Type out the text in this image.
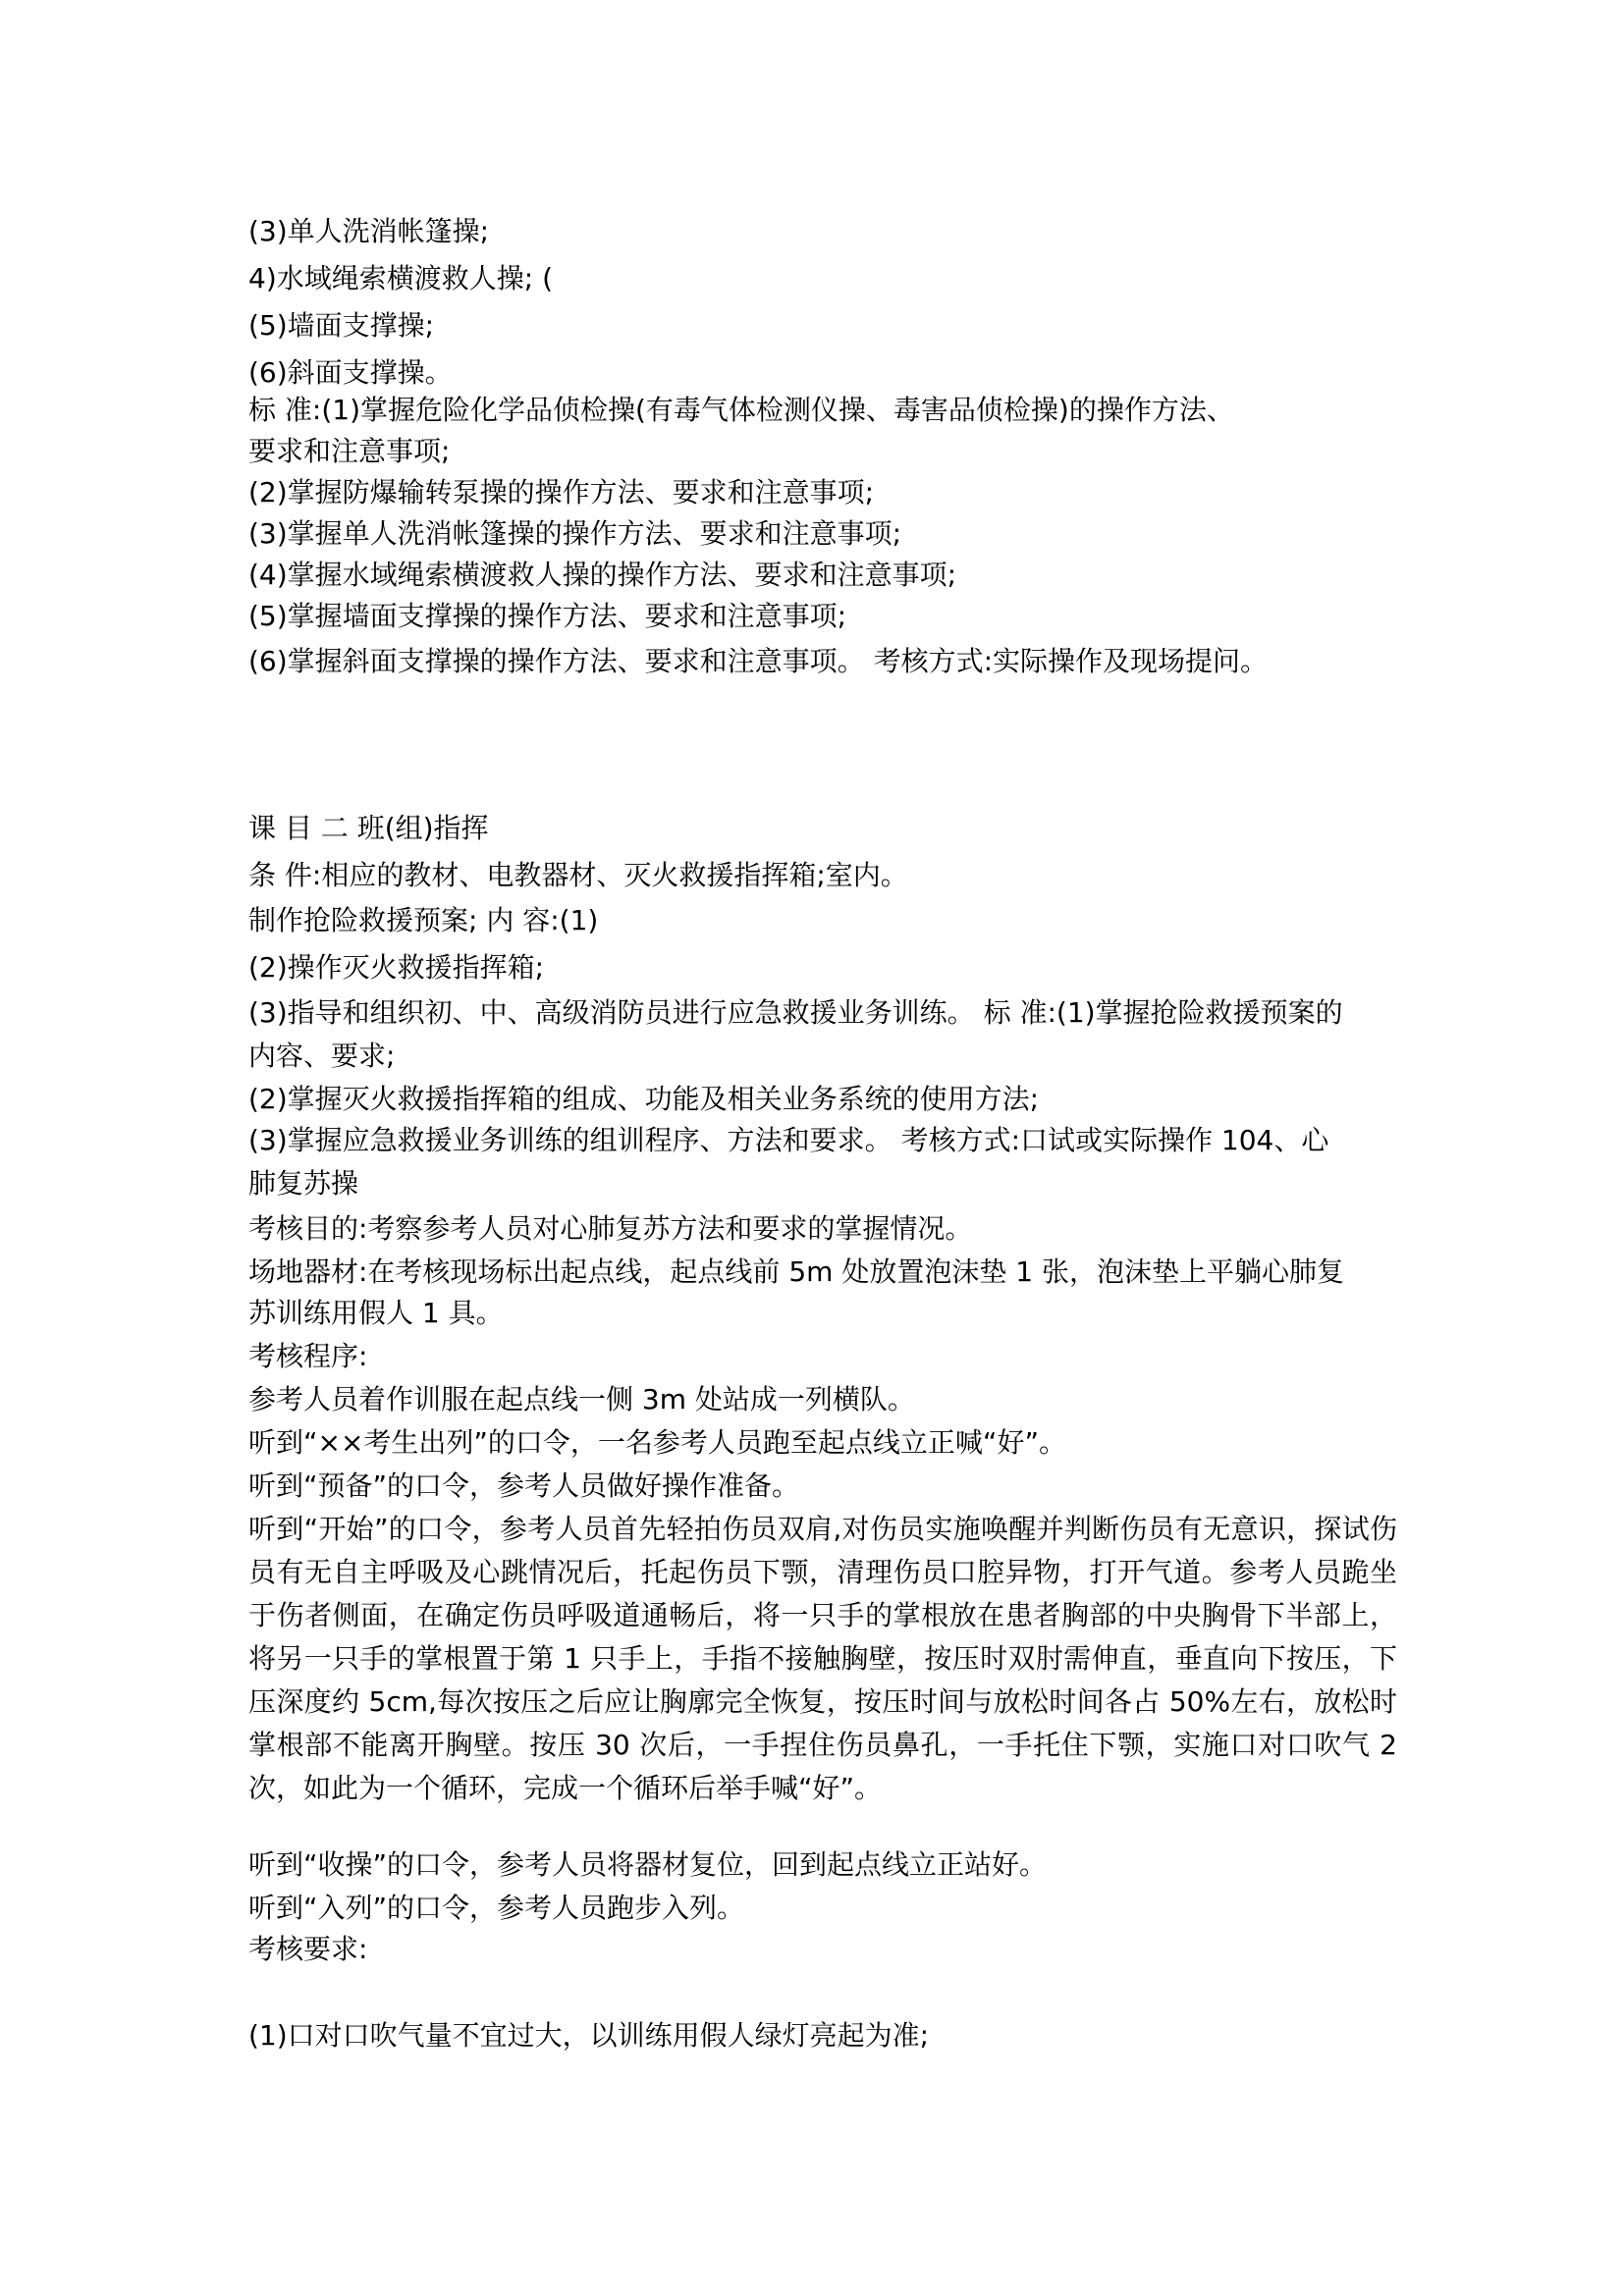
(3)单人洗消帐篷操;
4)水域绳索横渡救人操; (
(5)墙面支撑操;
(6)斜面支撑操。
标 准:(1)掌握危险化学品侦检操(有毒气体检测仪操、毒害品侦检操)的操作方法、
要求和注意事项;
(2)掌握防爆输转泵操的操作方法、要求和注意事项;
(3)掌握单人洗消帐篷操的操作方法、要求和注意事项;
(4)掌握水域绳索横渡救人操的操作方法、要求和注意事项;
(5)掌握墙面支撑操的操作方法、要求和注意事项;
(6)掌握斜面支撑操的操作方法、要求和注意事项。 考核方式:实际操作及现场提问。
课 目 二 班(组)指挥
条 件:相应的教材、电教器材、灭火救援指挥箱;室内。
制作抢险救援预案; 内 容:(1)
(2)操作灭火救援指挥箱;
(3)指导和组织初、中、高级消防员进行应急救援业务训练。 标 准:(1)掌握抢险救援预案的
内容、要求;
(2)掌握灭火救援指挥箱的组成、功能及相关业务系统的使用方法;
(3)掌握应急救援业务训练的组训程序、方法和要求。 考核方式:口试或实际操作 104、心
肺复苏操
考核目的:考察参考人员对心肺复苏方法和要求的掌握情况。
场地器材:在考核现场标出起点线，起点线前 5m 处放置泡沫垫 1 张，泡沫垫上平躺心肺复
苏训练用假人 1 具。
考核程序:
参考人员着作训服在起点线一侧 3m 处站成一列横队。
听到“××考生出列”的口令，一名参考人员跑至起点线立正喊“好”。
听到“预备”的口令，参考人员做好操作准备。
听到“开始”的口令，参考人员首先轻拍伤员双肩,对伤员实施唤醒并判断伤员有无意识，探试伤员有无自主呼吸及心跳情况后，托起伤员下颚，清理伤员口腔异物，打开气道。参考人员跪坐于伤者侧面，在确定伤员呼吸道通畅后，将一只手的掌根放在患者胸部的中央胸骨下半部上，将另一只手的掌根置于第 1 只手上，手指不接触胸壁，按压时双肘需伸直，垂直向下按压，下压深度约 5cm,每次按压之后应让胸廓完全恢复，按压时间与放松时间各占 50%左右，放松时掌根部不能离开胸壁。按压 30 次后，一手捏住伤员鼻孔，一手托住下颚，实施口对口吹气 2 次，如此为一个循环，完成一个循环后举手喊“好”。
听到“收操”的口令，参考人员将器材复位，回到起点线立正站好。
听到“入列”的口令，参考人员跑步入列。
考核要求:
(1)口对口吹气量不宜过大，以训练用假人绿灯亮起为准;
